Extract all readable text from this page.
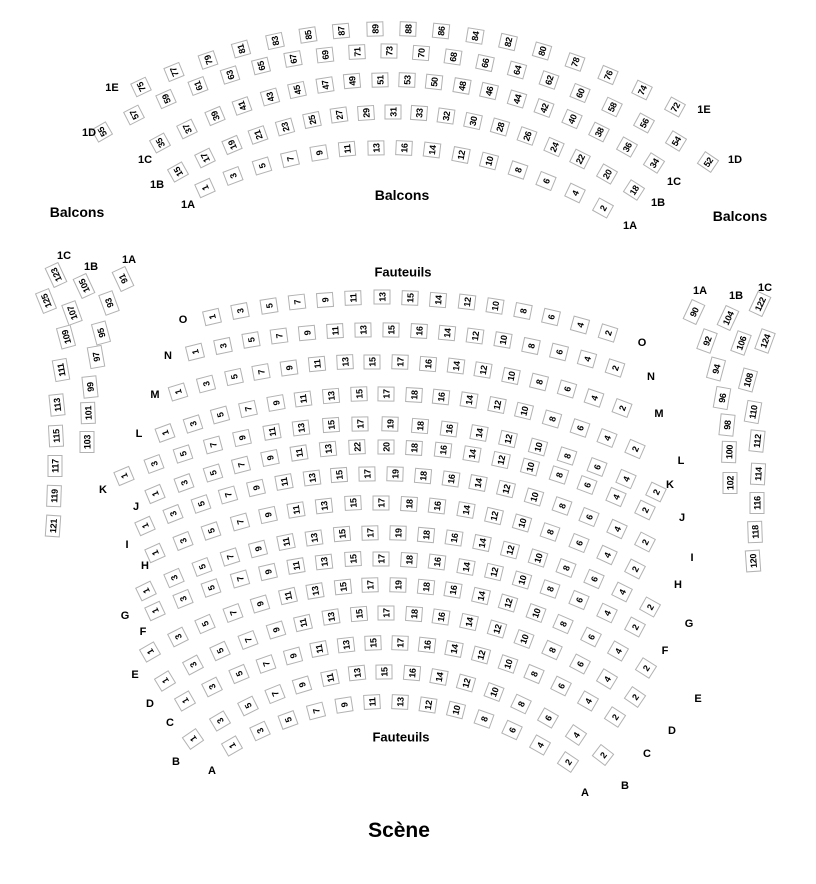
75
77
79
81
83
85	87	89	88	86	84
82
80
78
76
74
72
1E
1E
55
57
59
61
63
65
67	69	71	73	70	68
66
64
62
60
58
56
54
52
1D
1D
35
37
39
41
43
45	47	49	51	53	50	48	46
44
42
40
38
36
34
1C
1C
15
17
19
21
23
25	27	29	31	33	32	30
28
26
24
22
20
18
1B
1B
1
3
5
7
9	11	13	16	14	12
10
8
6
4
2
1A
1A
123
125
1C
105
107
109
111
113
115
117
119
121
1B
91
93
95
97
99
101
103
1A
90
92
94
96
98
100
102
1A
104
106
108
110
112
114
116
118
120
1B	122
124
1C
1
3
5
7	9	11	13	15	14	12	10	8
6
4
2
O
O
1
3
5
7
9	11	13	15	16	14	12	10	8
6
4
2
N
N
1
3
5
7
9	11	13	15	17	16	14	12	10
8
6
4
2
M
M
1
3
5
7
9	11	13	15	17	18	16	14	12
10
8
6
4
2
L
L
1
3
5
7
9
11	13	15	17	19	18	16	14
12
10
8
6
4
2
K	K
1
3
5
7
9	11	13	22	20	18	16	14	12
10
8
6
4
2
J
J
1
3
5
7
9
11	13	15	17	19	18	16	14
12
10
8
6
4
2
I
I
1
3
5
7
9
11	13	15	17	18	16	14
12
10
8
6
4
2
H
H
1
3
5
7
9
11	13	15	17	19	18	16	14
12
10
8
6
4
2
G
G
1
3
5
7
9
11	13	15	17	18	16	14
12
10
8
6
4
2
F
F
1
3
5
7
9
11
13	15	17	19	18	16	14
12
10
8
6
4
2
E
E
1
3
5
7
9
11	13	15	17	18	16	14
12
10
8
6
4
2
D
D
1
3
5
7
9
11	13	15	17	16	14
12
10
8
6
4
2
C
C
1
3
5
7
9
11	13	15	16	14
12
10
8
6
4
2
B
B
1
3
5
7
9	11	13	12	10
8
6
4
2
A
A
Balcons
Balcons
Balcons
Fauteuils
Fauteuils
Scène
